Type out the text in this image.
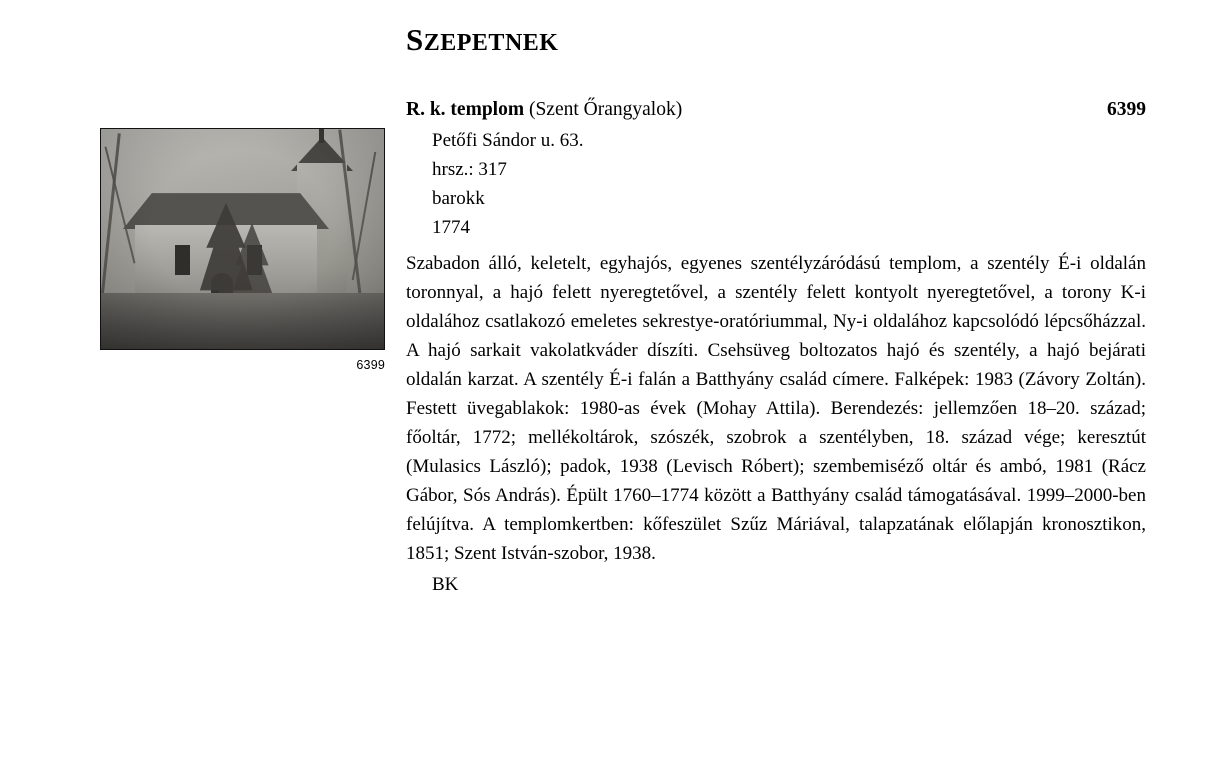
6399
SZEPETNEK
R. k. templom (Szent Őrangyalok)	6399
Petőfi Sándor u. 63.
hrsz.: 317
barokk
1774

Szabadon álló, keletelt, egyhajós, egyenes szentélyzáródású templom, a szentély É-i oldalán toronnyal, a hajó felett nyeregtetővel, a szentély felett kontyolt nyeregtetővel, a torony K-i oldalához csatlakozó emeletes sekrestye-oratóriummal, Ny-i oldalához kapcsolódó lépcsőházzal. A hajó sarkait vakolatkváder díszíti. Csehsüveg boltozatos hajó és szentély, a hajó bejárati oldalán karzat. A szentély É-i falán a Batthyány család címere. Falképek: 1983 (Závory Zoltán). Festett üvegablakok: 1980-as évek (Mohay Attila). Berendezés: jellemzően 18–20. század; főoltár, 1772; mellékoltárok, szószék, szobrok a szentélyben, 18. század vége; keresztút (Mulasics László); padok, 1938 (Levisch Róbert); szembemiséző oltár és ambó, 1981 (Rácz Gábor, Sós András). Épült 1760–1774 között a Batthyány család támogatásával. 1999–2000-ben felújítva. A templomkertben: kőfeszület Szűz Máriával, talapzatának előlapján kronosztikon, 1851; Szent István-szobor, 1938.

BK
